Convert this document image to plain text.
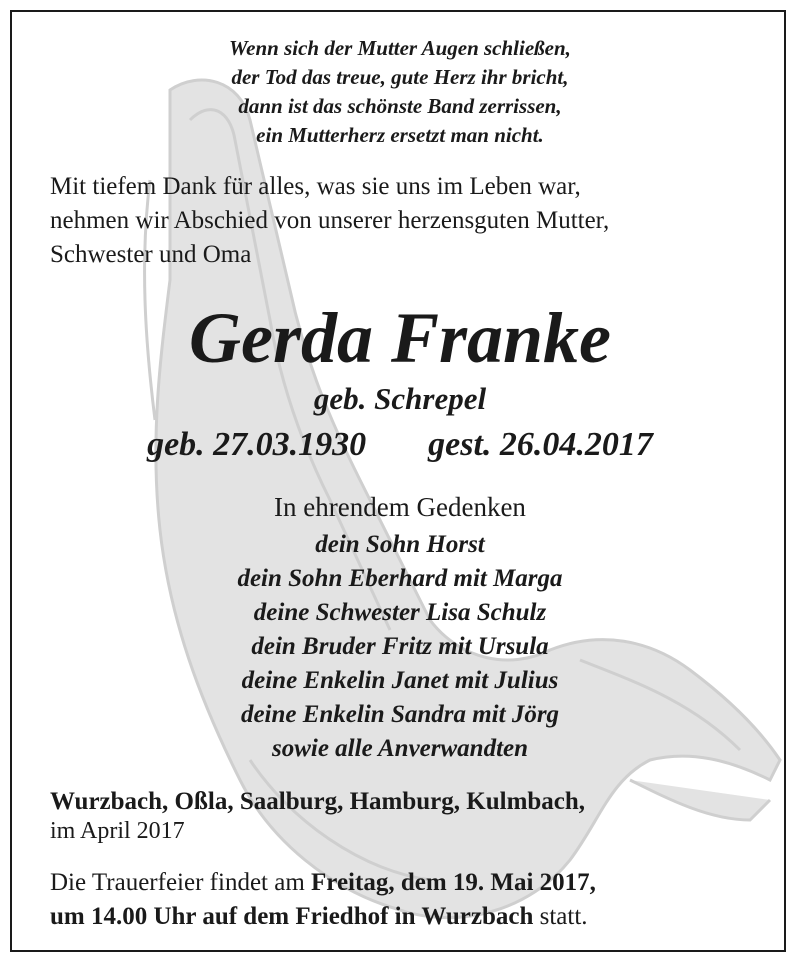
Wenn sich der Mutter Augen schließen,
der Tod das treue, gute Herz ihr bricht,
dann ist das schönste Band zerrissen,
ein Mutterherz ersetzt man nicht.
Mit tiefem Dank für alles, was sie uns im Leben war,
nehmen wir Abschied von unserer herzensguten Mutter,
Schwester und Oma
Gerda Franke
geb. Schrepel
geb. 27.03.1930 gest. 26.04.2017
In ehrendem Gedenken
dein Sohn Horst
dein Sohn Eberhard mit Marga
deine Schwester Lisa Schulz
dein Bruder Fritz mit Ursula
deine Enkelin Janet mit Julius
deine Enkelin Sandra mit Jörg
sowie alle Anverwandten
Wurzbach, Oßla, Saalburg, Hamburg, Kulmbach,
im April 2017
Die Trauerfeier findet am Freitag, dem 19. Mai 2017,
um 14.00 Uhr auf dem Friedhof in Wurzbach statt.
